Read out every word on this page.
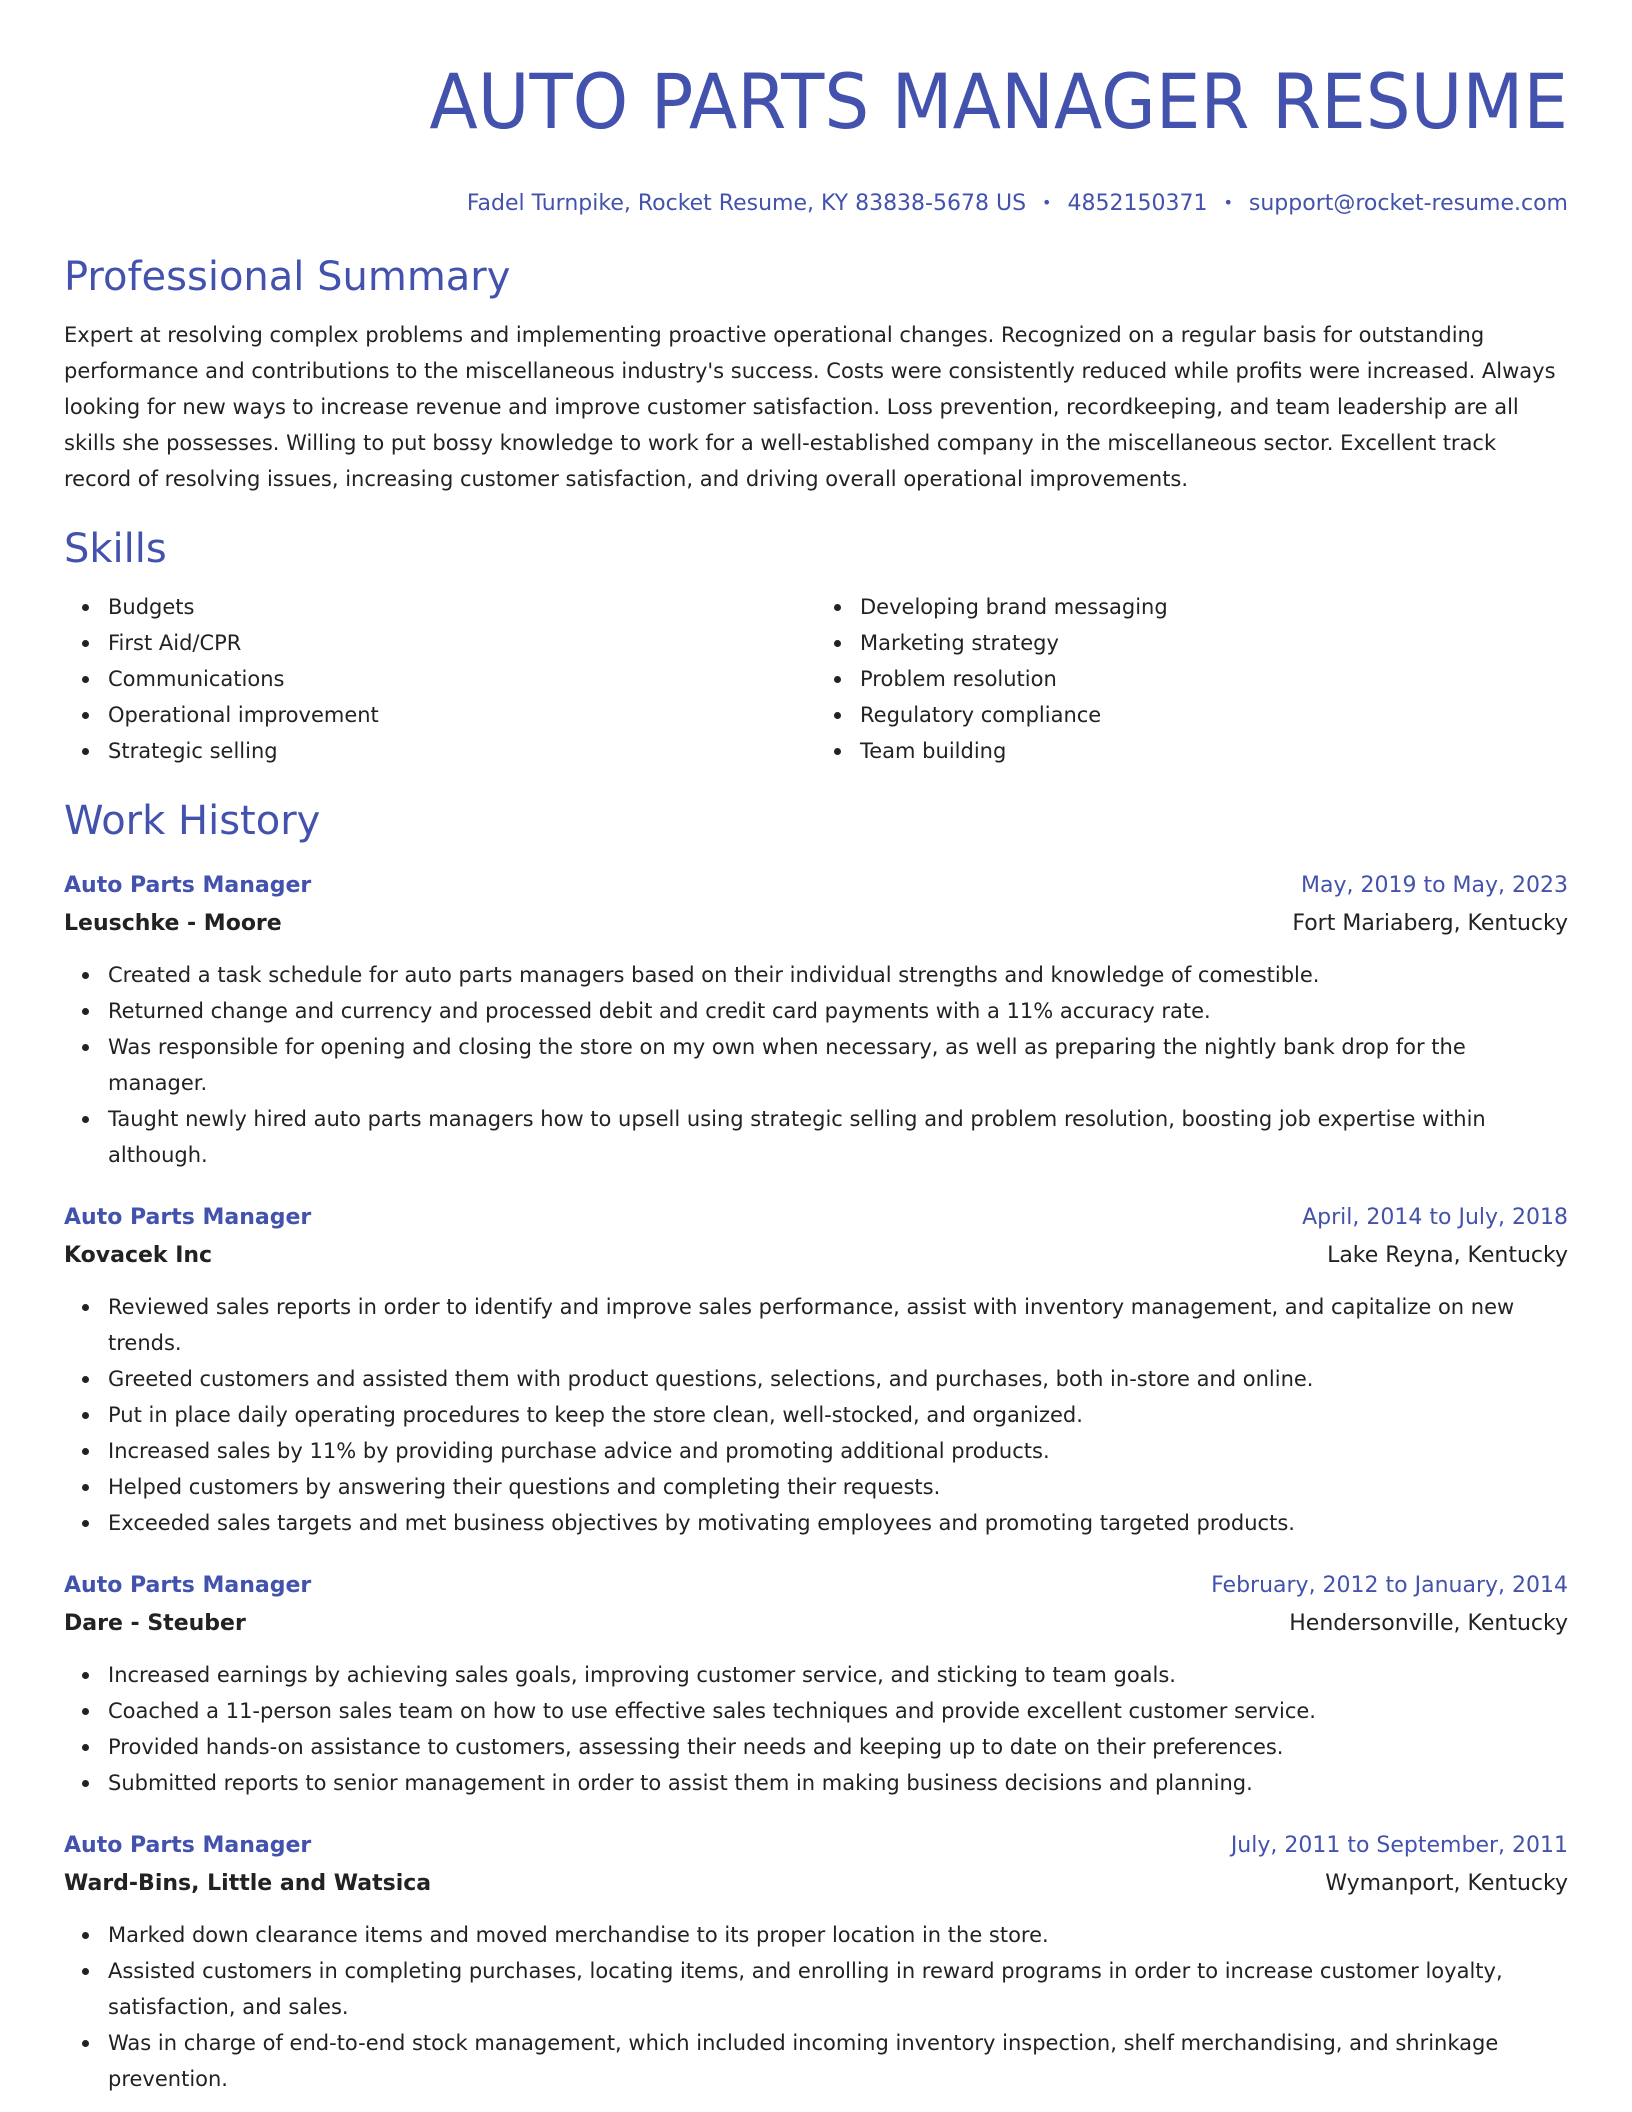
AUTO PARTS MANAGER RESUME
Fadel Turnpike, Rocket Resume, KY 83838-5678 US • 4852150371 • support@rocket-resume.com
Professional Summary

Expert at resolving complex problems and implementing proactive operational changes. Recognized on a regular basis for outstanding performance and contributions to the miscellaneous industry's success. Costs were consistently reduced while profits were increased. Always looking for new ways to increase revenue and improve customer satisfaction. Loss prevention, recordkeeping, and team leadership are all skills she possesses. Willing to put bossy knowledge to work for a well-established company in the miscellaneous sector. Excellent track record of resolving issues, increasing customer satisfaction, and driving overall operational improvements.

Skills
Budgets
First Aid/CPR
Communications
Operational improvement
Strategic selling
Developing brand messaging
Marketing strategy
Problem resolution
Regulatory compliance
Team building
Work History
Auto Parts Manager	May, 2019 to May, 2023
Leuschke - Moore	Fort Mariaberg, Kentucky
Created a task schedule for auto parts managers based on their individual strengths and knowledge of comestible.
Returned change and currency and processed debit and credit card payments with a 11% accuracy rate.
Was responsible for opening and closing the store on my own when necessary, as well as preparing the nightly bank drop for the manager.
Taught newly hired auto parts managers how to upsell using strategic selling and problem resolution, boosting job expertise within although.
Auto Parts Manager	April, 2014 to July, 2018
Kovacek Inc	Lake Reyna, Kentucky
Reviewed sales reports in order to identify and improve sales performance, assist with inventory management, and capitalize on new trends.
Greeted customers and assisted them with product questions, selections, and purchases, both in-store and online.
Put in place daily operating procedures to keep the store clean, well-stocked, and organized.
Increased sales by 11% by providing purchase advice and promoting additional products.
Helped customers by answering their questions and completing their requests.
Exceeded sales targets and met business objectives by motivating employees and promoting targeted products.
Auto Parts Manager	February, 2012 to January, 2014
Dare - Steuber	Hendersonville, Kentucky
Increased earnings by achieving sales goals, improving customer service, and sticking to team goals.
Coached a 11-person sales team on how to use effective sales techniques and provide excellent customer service.
Provided hands-on assistance to customers, assessing their needs and keeping up to date on their preferences.
Submitted reports to senior management in order to assist them in making business decisions and planning.
Auto Parts Manager	July, 2011 to September, 2011
Ward-Bins, Little and Watsica	Wymanport, Kentucky
Marked down clearance items and moved merchandise to its proper location in the store.
Assisted customers in completing purchases, locating items, and enrolling in reward programs in order to increase customer loyalty, satisfaction, and sales.
Was in charge of end-to-end stock management, which included incoming inventory inspection, shelf merchandising, and shrinkage prevention.
